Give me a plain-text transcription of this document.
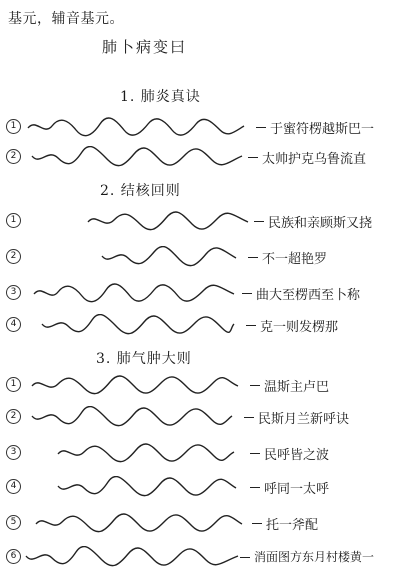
基元，辅音基元。
肺卜病变曰
1. 肺炎真诀
1	于蜜符楞越斯巴一
2	太帅护克乌鲁流直
2. 结核回则
1	民族和亲顾斯又挠
2	不一超艳罗
3	曲大至楞西至卜称
4	克一则发楞那
3. 肺气肿大则
1	温斯主卢巴
2	民斯月兰新呼诀
3	民呼皆之波
4	呼同一太呼
5	托一斧配
6	消面图方东月村楼黄一
